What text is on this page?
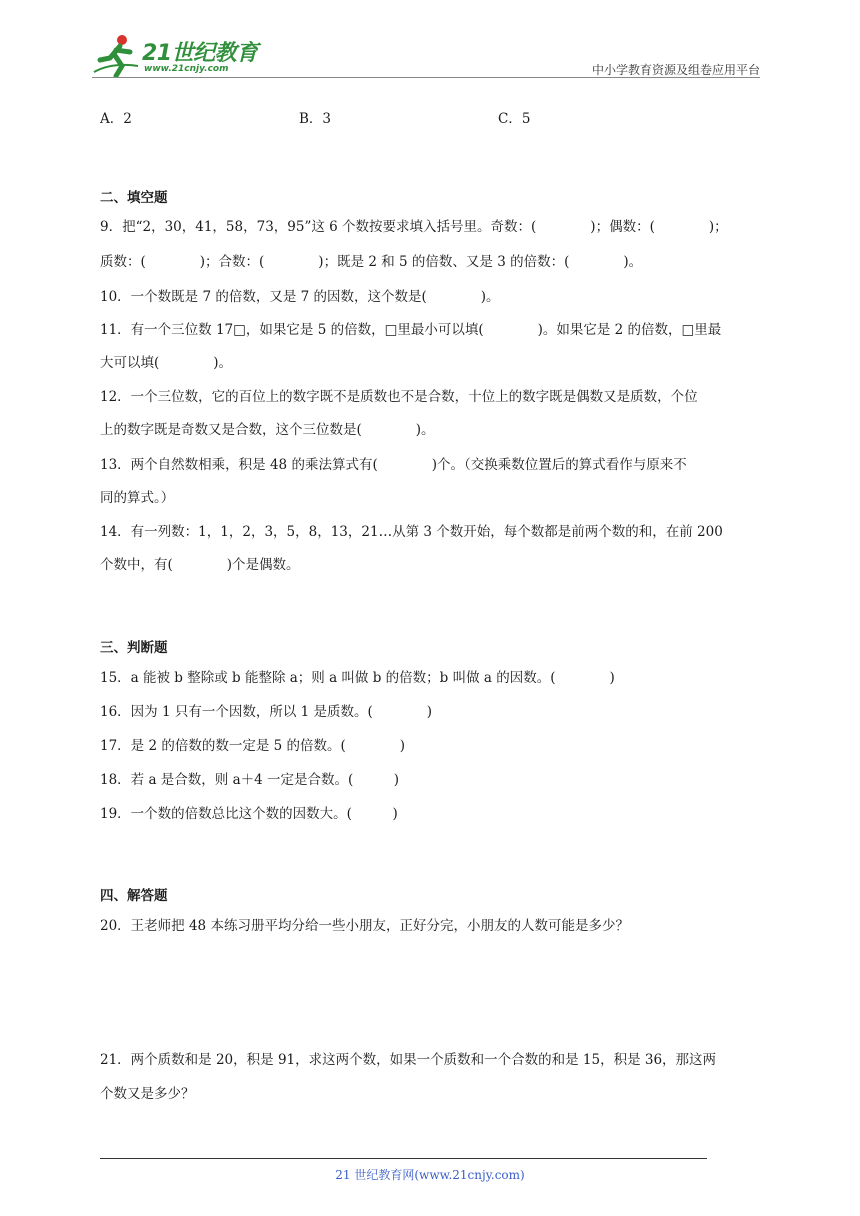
21世纪教育
www.21cnjy.com	中小学教育资源及组卷应用平台
A．2	B．3	C．5
二、填空题
9．把“2，30，41，58，73，95”这 6 个数按要求填入括号里。奇数：(　　　　)；偶数：(　　　　)；
质数：(　　　　)；合数：(　　　　)；既是 2 和 5 的倍数、又是 3 的倍数：(　　　　)。
10．一个数既是 7 的倍数，又是 7 的因数，这个数是(　　　　)。
11．有一个三位数 17□，如果它是 5 的倍数，□里最小可以填(　　　　)。如果它是 2 的倍数，□里最
大可以填(　　　　)。
12．一个三位数，它的百位上的数字既不是质数也不是合数，十位上的数字既是偶数又是质数，个位
上的数字既是奇数又是合数，这个三位数是(　　　　)。
13．两个自然数相乘，积是 48 的乘法算式有(　　　　)个。（交换乘数位置后的算式看作与原来不
同的算式。）
14．有一列数：1，1，2，3，5，8，13，21…从第 3 个数开始，每个数都是前两个数的和，在前 200
个数中，有(　　　　)个是偶数。
三、判断题
15．a 能被 b 整除或 b 能整除 a；则 a 叫做 b 的倍数；b 叫做 a 的因数。(　　　　)
16．因为 1 只有一个因数，所以 1 是质数。(　　　　)
17．是 2 的倍数的数一定是 5 的倍数。(　　　　)
18．若 a 是合数，则 a＋4 一定是合数。(　　　)
19．一个数的倍数总比这个数的因数大。(　　　)
四、解答题
20．王老师把 48 本练习册平均分给一些小朋友，正好分完，小朋友的人数可能是多少？
21．两个质数和是 20，积是 91，求这两个数，如果一个质数和一个合数的和是 15，积是 36，那这两
个数又是多少？
21 世纪教育网(www.21cnjy.com)
